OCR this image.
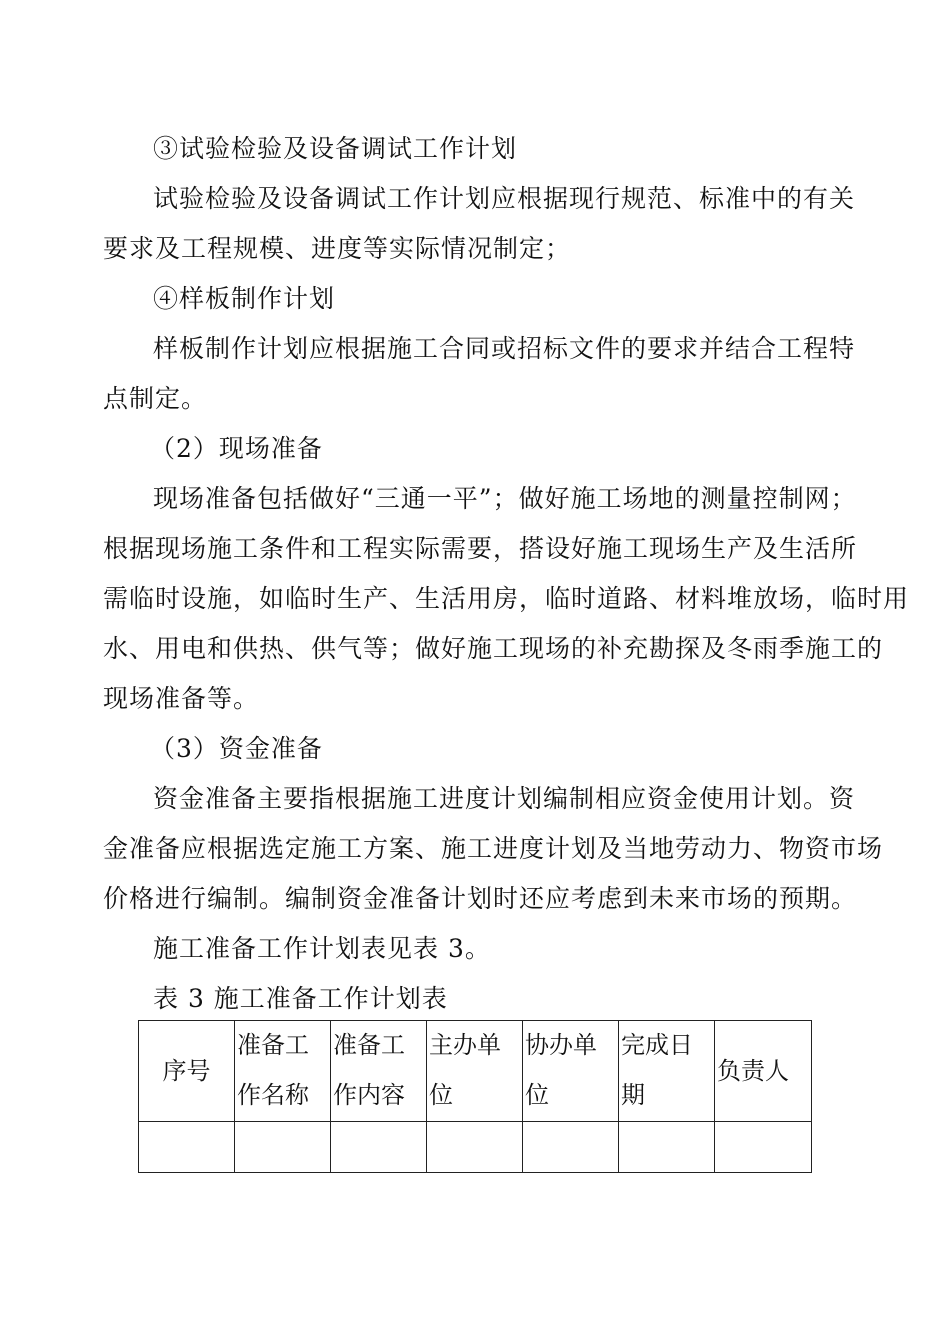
③试验检验及设备调试工作计划
试验检验及设备调试工作计划应根据现行规范、标准中的有关
要求及工程规模、进度等实际情况制定；
④样板制作计划
样板制作计划应根据施工合同或招标文件的要求并结合工程特
点制定。
（2）现场准备
现场准备包括做好“三通一平”；做好施工场地的测量控制网；
根据现场施工条件和工程实际需要，搭设好施工现场生产及生活所
需临时设施，如临时生产、生活用房，临时道路、材料堆放场，临时用
水、用电和供热、供气等；做好施工现场的补充勘探及冬雨季施工的
现场准备等。
（3）资金准备
资金准备主要指根据施工进度计划编制相应资金使用计划。资
金准备应根据选定施工方案、施工进度计划及当地劳动力、物资市场
价格进行编制。编制资金准备计划时还应考虑到未来市场的预期。
施工准备工作计划表见表 3。
表 3 施工准备工作计划表
序号	准备工作名称	准备工作内容	主办单位	协办单位	完成日期	负责人
